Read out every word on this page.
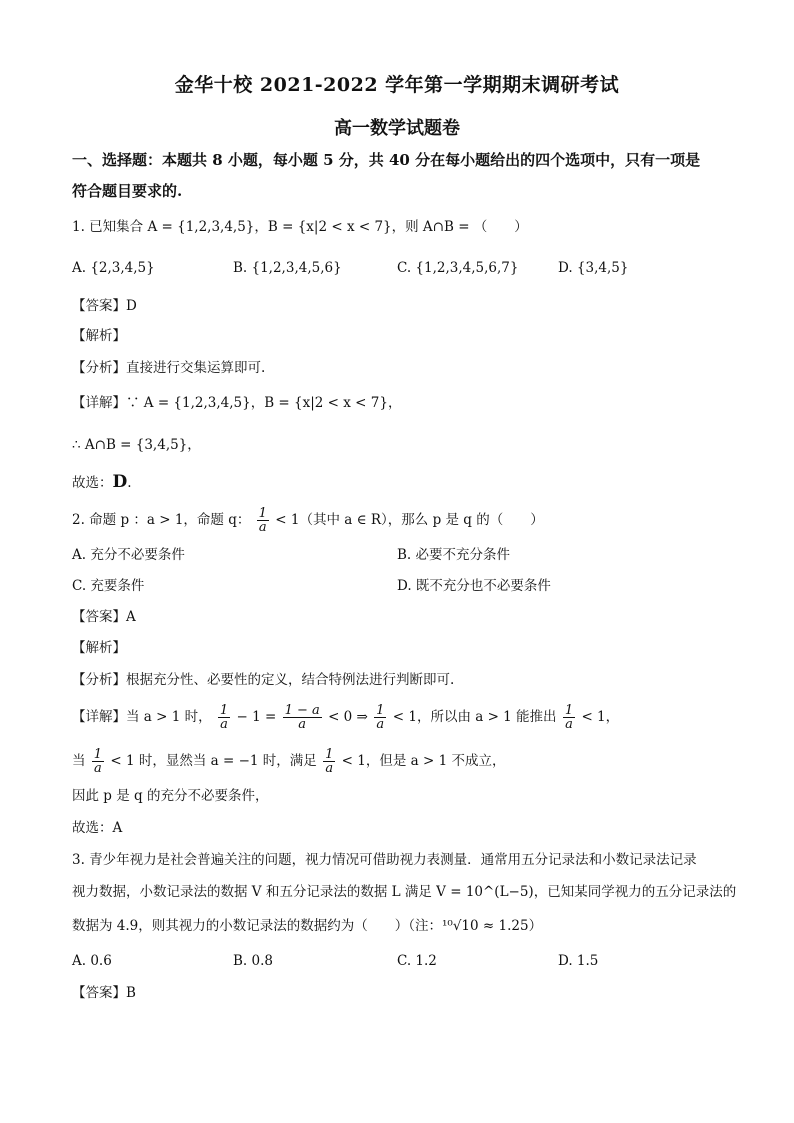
金华十校 2021-2022 学年第一学期期末调研考试
高一数学试题卷
一、选择题：本题共 8 小题，每小题 5 分，共 40 分在每小题给出的四个选项中，只有一项是
符合题目要求的.
1. 已知集合 A = {1,2,3,4,5}，B = {x|2 < x < 7}，则 A∩B = （　　）
A. {2,3,4,5}	B. {1,2,3,4,5,6}	C. {1,2,3,4,5,6,7}	D. {3,4,5}
【答案】D
【解析】
【分析】直接进行交集运算即可.
【详解】∵ A = {1,2,3,4,5}，B = {x|2 < x < 7}，
∴ A∩B = {3,4,5}，
故选：D.
2. 命题 p ：a > 1，命题 q： $\frac{1}{a} < 1$（其中 a ∈ R），那么 p 是 q 的（　　）
A. 充分不必要条件	B. 必要不充分条件
C. 充要条件	D. 既不充分也不必要条件
【答案】A
【解析】
【分析】根据充分性、必要性的定义，结合特例法进行判断即可.
【详解】当 a > 1 时， $\frac{1}{a} - 1 = \frac{1 - a}{a} < 0$ ⇒ $\frac{1}{a} < 1$，所以由 a > 1 能推出 $\frac{1}{a} < 1$，
当 $\frac{1}{a} < 1$ 时，显然当 a = −1 时，满足 $\frac{1}{a} < 1$，但是 a > 1 不成立，
因此 p 是 q 的充分不必要条件，
故选：A
3. 青少年视力是社会普遍关注的问题，视力情况可借助视力表测量．通常用五分记录法和小数记录法记录
视力数据，小数记录法的数据 V 和五分记录法的数据 L 满足 V = 10^(L−5)，已知某同学视力的五分记录法的
数据为 4.9，则其视力的小数记录法的数据约为（　　）（注：¹⁰√10 ≈ 1.25）
A. 0.6	B. 0.8	C. 1.2	D. 1.5
【答案】B
